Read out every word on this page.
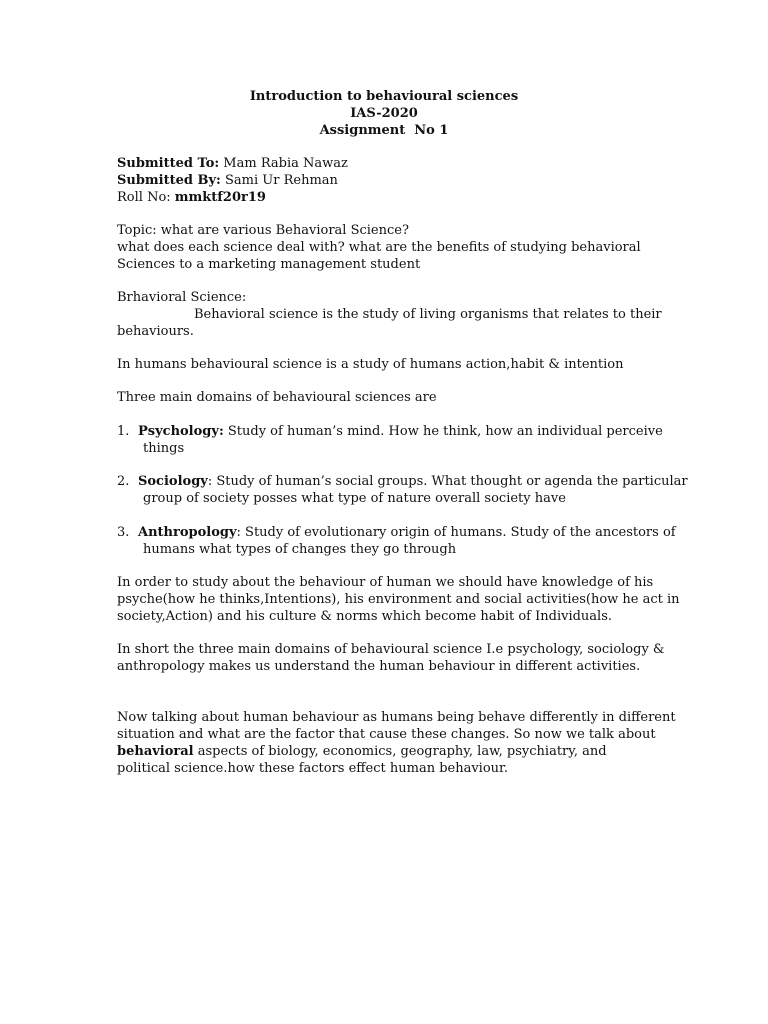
Introduction to behavioural sciences
IAS-2020
Assignment  No 1
Submitted To: Mam Rabia Nawaz
Submitted By: Sami Ur Rehman
Roll No: mmktf20r19
Topic: what are various Behavioral Science?
what does each science deal with? what are the benefits of studying behavioral
Sciences to a marketing management student
Brhavioral Science:
Behavioral science is the study of living organisms that relates to their
behaviours.
In humans behavioural science is a study of humans action,habit & intention
Three main domains of behavioural sciences are
1. Psychology: Study of human’s mind. How he think, how an individual perceive
things
2. Sociology: Study of human’s social groups. What thought or agenda the particular
group of society posses what type of nature overall society have
3. Anthropology: Study of evolutionary origin of humans. Study of the ancestors of
humans what types of changes they go through
In order to study about the behaviour of human we should have knowledge of his
psyche(how he thinks,Intentions), his environment and social activities(how he act in
society,Action) and his culture & norms which become habit of Individuals.
In short the three main domains of behavioural science I.e psychology, sociology &
anthropology makes us understand the human behaviour in different activities.
Now talking about human behaviour as humans being behave differently in different
situation and what are the factor that cause these changes. So now we talk about
behavioral aspects of biology, economics, geography, law, psychiatry, and
political science.how these factors effect human behaviour.
